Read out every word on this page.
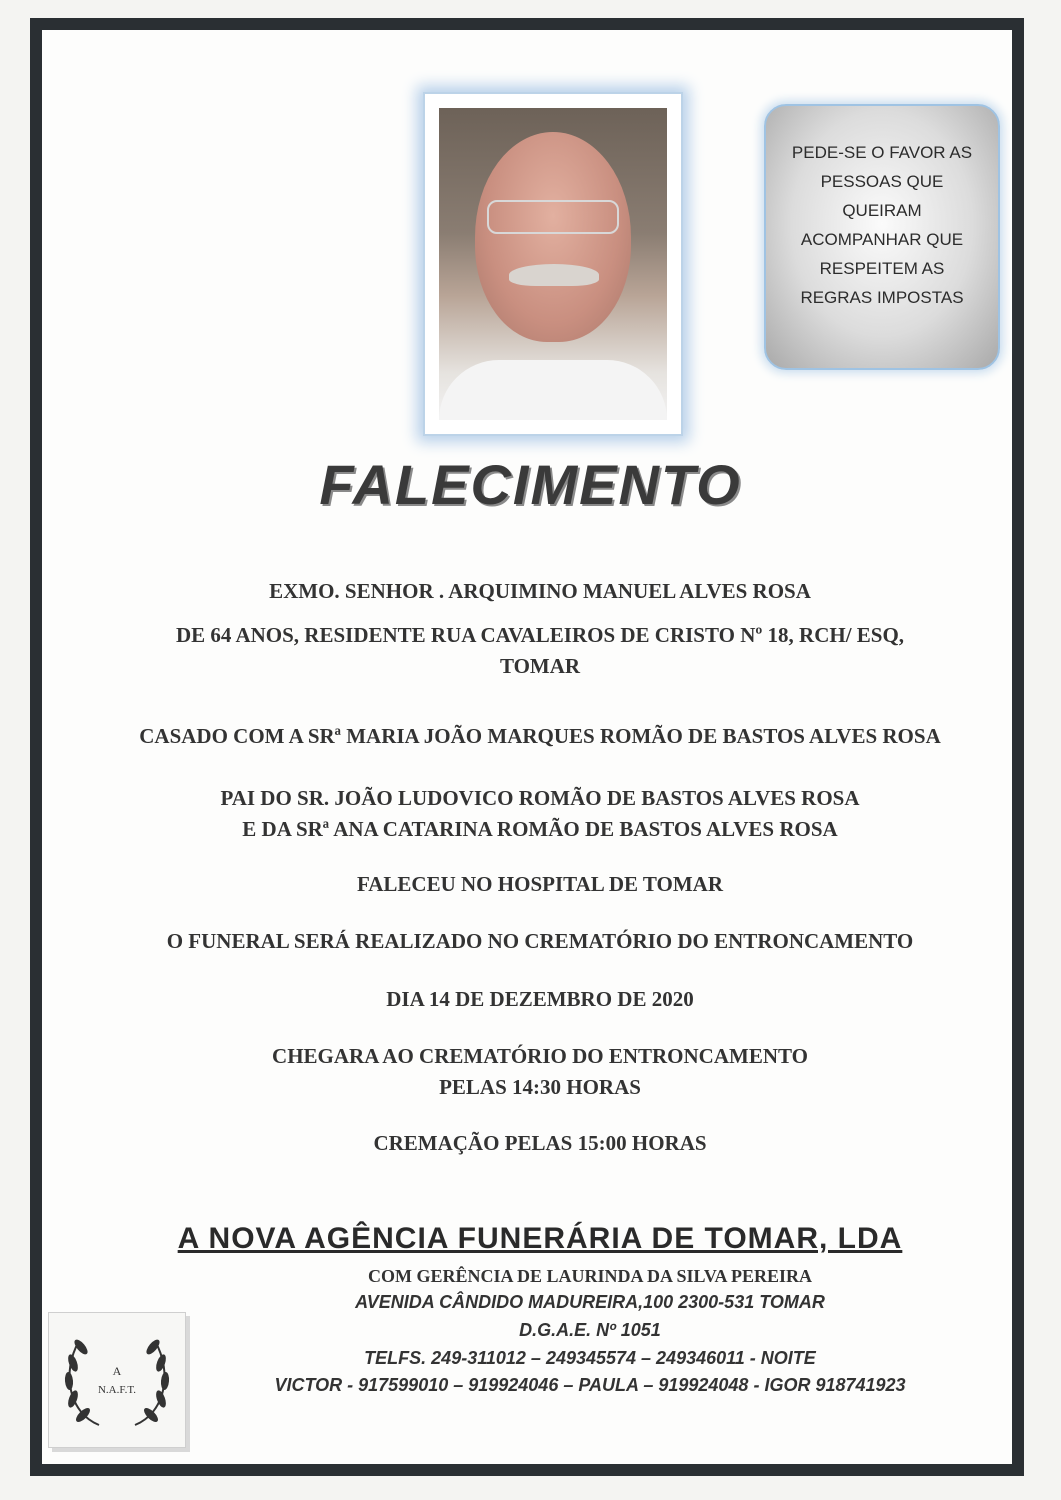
PEDE-SE O FAVOR AS
PESSOAS QUE
QUEIRAM
ACOMPANHAR QUE
RESPEITEM AS
REGRAS IMPOSTAS
FALECIMENTO
EXMO. SENHOR . ARQUIMINO MANUEL ALVES ROSA
DE 64 ANOS, RESIDENTE RUA CAVALEIROS DE CRISTO Nº 18, RCH/ ESQ,
TOMAR
CASADO COM A SRª MARIA JOÃO MARQUES ROMÃO DE BASTOS ALVES ROSA
PAI DO SR. JOÃO LUDOVICO ROMÃO DE BASTOS ALVES ROSA
E DA SRª ANA CATARINA ROMÃO DE BASTOS ALVES ROSA
FALECEU NO HOSPITAL DE TOMAR
O FUNERAL SERÁ REALIZADO NO CREMATÓRIO DO ENTRONCAMENTO
DIA 14 DE DEZEMBRO DE 2020
CHEGARA AO CREMATÓRIO DO ENTRONCAMENTO
PELAS 14:30 HORAS
CREMAÇÃO PELAS 15:00 HORAS
A NOVA AGÊNCIA FUNERÁRIA DE TOMAR, LDA
COM GERÊNCIA DE LAURINDA DA SILVA PEREIRA
AVENIDA CÂNDIDO MADUREIRA,100 2300-531 TOMAR
D.G.A.E. Nº 1051
TELFS. 249-311012 – 249345574 – 249346011 - NOITE
VICTOR - 917599010 – 919924046 – PAULA – 919924048 - IGOR 918741923
A
N.A.F.T.
